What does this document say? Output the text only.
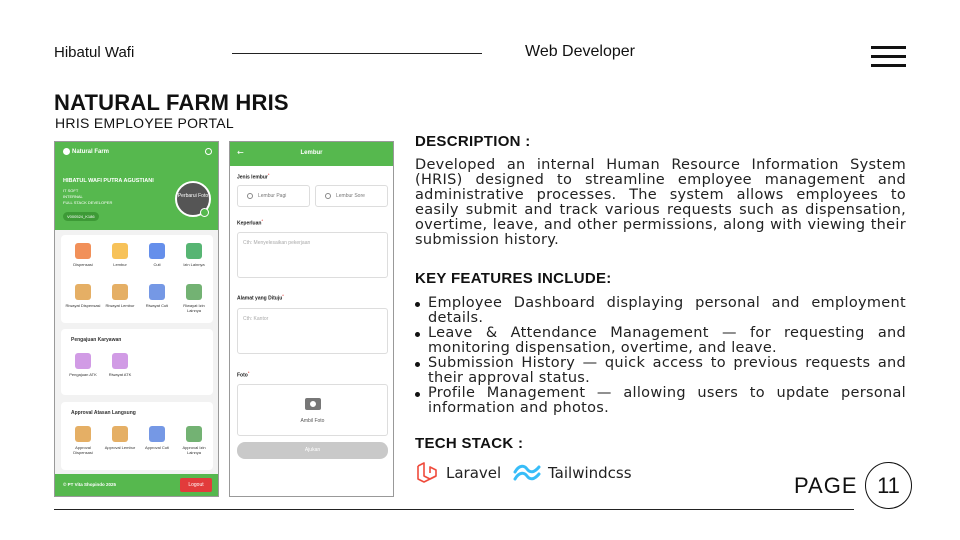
Hibatul Wafi	Web Developer
NATURAL FARM HRIS
HRIS EMPLOYEE PORTAL
Natural Farm
HIBATUL WAFI PUTRA AGUSTIANI
IT SOFT
INTERNAL
FULL STACK DEVELOPER
V000524_K186
Perbarui Foto
Dispensasi	Lembur	Cuti	Izin Lainnya
Riwayat Dispensasi	Riwayat Lembur	Riwayat Cuti	Riwayat Izin Lainnya
Pengajuan Karyawan
Pengajuan ATK	Riwayat ATK
Approval Atasan Langsung
Approval Dispensasi
Approval Lembur	Approval Cuti	Approval Izin Lainnya
© PT Vita Shopindo 2025	Logout
←	Lembur
Jenis lembur*
Lembur Pagi	Lembur Sore
Keperluan*
Cth: Menyelesaikan pekerjaan
Alamat yang Dituju*
Cth: Kantor
Foto*
Ambil Foto
Ajukan
DESCRIPTION :
Developed an internal Human Resource Information System (HRIS) designed to streamline employee management and administrative processes. The system allows employees to easily submit and track various requests such as dispensation, overtime, leave, and other permissions, along with viewing their submission history.
KEY FEATURES INCLUDE:
Employee Dashboard displaying personal and employment details.
Leave & Attendance Management — for requesting and monitoring dispensation, overtime, and leave.
Submission History — quick access to previous requests and their approval status.
Profile Management — allowing users to update personal information and photos.
TECH STACK :
Laravel	Tailwindcss	PAGE 11
